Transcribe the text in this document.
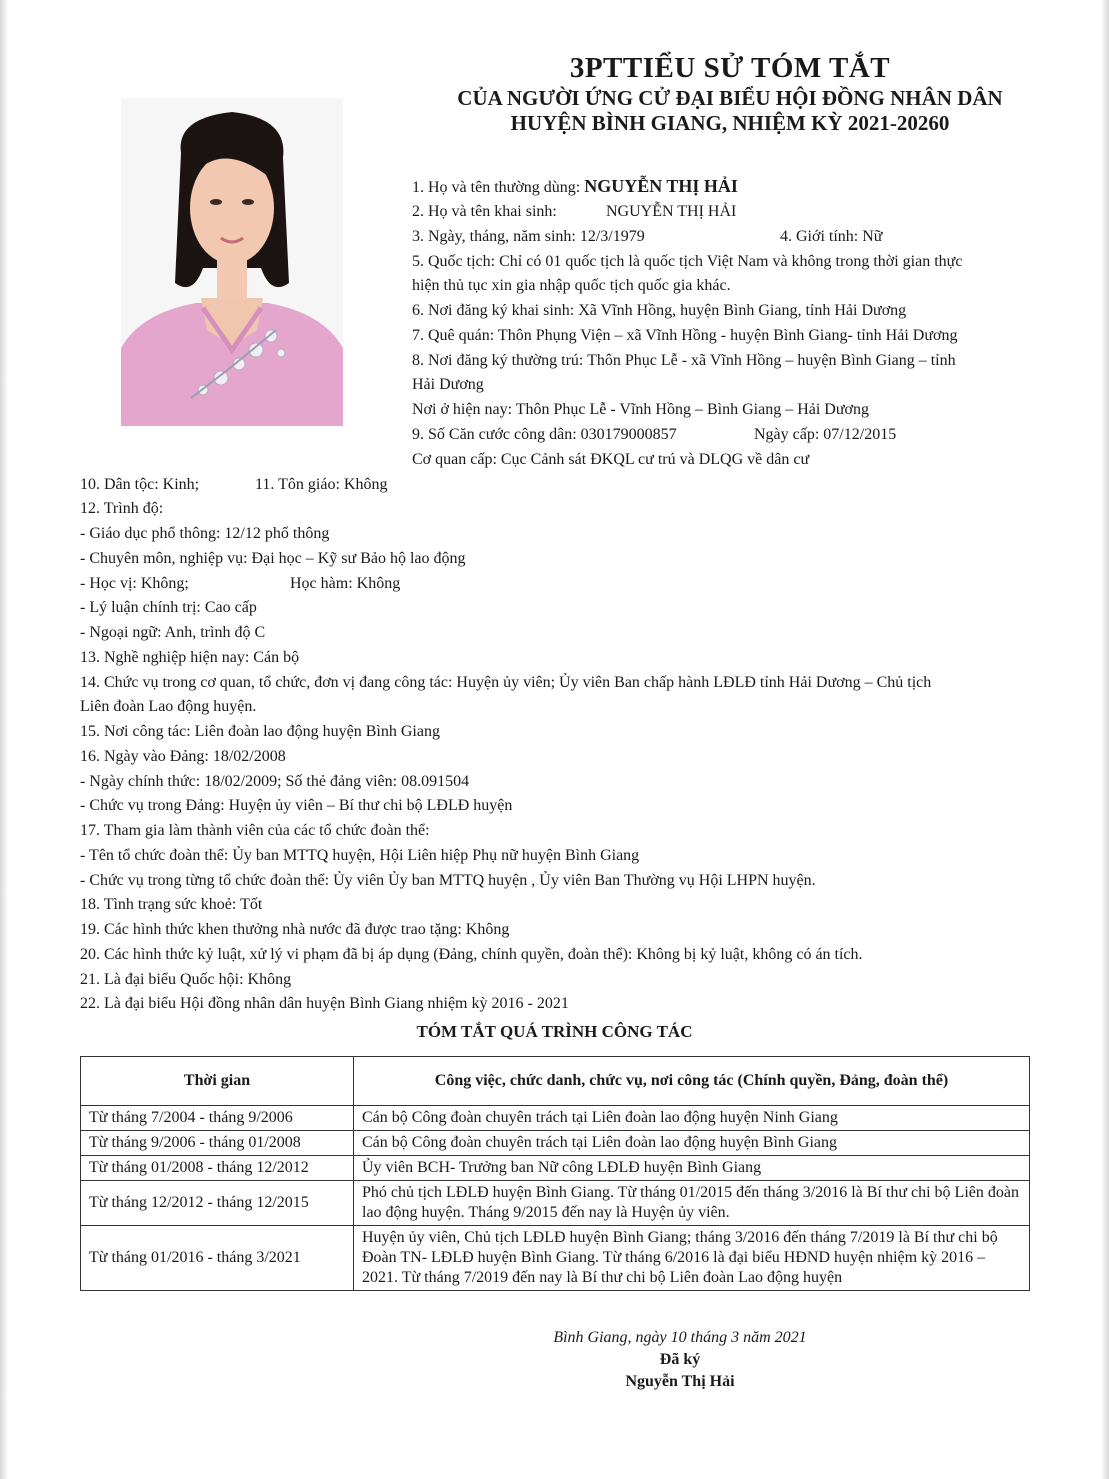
3PTTIỂU SỬ TÓM TẮT
CỦA NGƯỜI ỨNG CỬ ĐẠI BIỂU HỘI ĐỒNG NHÂN DÂN
HUYỆN BÌNH GIANG, NHIỆM KỲ 2021-20260
1. Họ và tên thường dùng: NGUYỄN THỊ HẢI
2. Họ và tên khai sinh:	NGUYỄN THỊ HẢI
3. Ngày, tháng, năm sinh: 12/3/1979	4. Giới tính: Nữ
5. Quốc tịch: Chỉ có 01 quốc tịch là quốc tịch Việt Nam và không trong thời gian thực
hiện thủ tục xin gia nhập quốc tịch quốc gia khác.
6. Nơi đăng ký khai sinh: Xã Vĩnh Hồng, huyện Bình Giang, tỉnh Hải Dương
7. Quê quán: Thôn Phụng Viện – xã Vĩnh Hồng - huyện Bình Giang- tỉnh Hải Dương
8. Nơi đăng ký thường trú: Thôn Phục Lễ - xã Vĩnh Hồng – huyện Bình Giang – tỉnh
Hải Dương
Nơi ở hiện nay: Thôn Phục Lễ - Vĩnh Hồng – Bình Giang – Hải Dương
9. Số Căn cước công dân: 030179000857	Ngày cấp: 07/12/2015
Cơ quan cấp: Cục Cảnh sát ĐKQL cư trú và DLQG về dân cư
10. Dân tộc: Kinh;	11. Tôn giáo: Không
12. Trình độ:
- Giáo dục phổ thông: 12/12 phổ thông
- Chuyên môn, nghiệp vụ: Đại học – Kỹ sư Bảo hộ lao động
- Học vị: Không;	Học hàm: Không
- Lý luận chính trị: Cao cấp
- Ngoại ngữ: Anh, trình độ C
13. Nghề nghiệp hiện nay: Cán bộ
14. Chức vụ trong cơ quan, tổ chức, đơn vị đang công tác: Huyện ủy viên; Ủy viên Ban chấp hành LĐLĐ tỉnh Hải Dương – Chủ tịch
Liên đoàn Lao động huyện.
15. Nơi công tác: Liên đoàn lao động huyện Bình Giang
16. Ngày vào Đảng: 18/02/2008
- Ngày chính thức: 18/02/2009; Số thẻ đảng viên: 08.091504
- Chức vụ trong Đảng: Huyện ủy viên – Bí thư chi bộ LĐLĐ huyện
17. Tham gia làm thành viên của các tổ chức đoàn thể:
- Tên tổ chức đoàn thể: Ủy ban MTTQ huyện, Hội Liên hiệp Phụ nữ huyện Bình Giang
- Chức vụ trong từng tổ chức đoàn thể: Ủy viên Ủy ban MTTQ huyện , Ủy viên Ban Thường vụ Hội LHPN huyện.
18. Tình trạng sức khoẻ: Tốt
19. Các hình thức khen thưởng nhà nước đã được trao tặng: Không
20. Các hình thức kỷ luật, xử lý vi phạm đã bị áp dụng (Đảng, chính quyền, đoàn thể): Không bị kỷ luật, không có án tích.
21. Là đại biểu Quốc hội: Không
22. Là đại biểu Hội đồng nhân dân huyện Bình Giang nhiệm kỳ 2016 - 2021
TÓM TẮT QUÁ TRÌNH CÔNG TÁC
Thời gian	Công việc, chức danh, chức vụ, nơi công tác (Chính quyền, Đảng, đoàn thể)
Từ tháng 7/2004 - tháng 9/2006	Cán bộ Công đoàn chuyên trách tại Liên đoàn lao động huyện Ninh Giang
Từ tháng 9/2006 - tháng 01/2008	Cán bộ Công đoàn chuyên trách tại Liên đoàn lao động huyện Bình Giang
Từ tháng 01/2008 - tháng 12/2012	Ủy viên BCH- Trưởng ban Nữ công LĐLĐ huyện Bình Giang
Từ tháng 12/2012 - tháng 12/2015	Phó chủ tịch LĐLĐ huyện Bình Giang. Từ tháng 01/2015 đến tháng 3/2016 là Bí thư chi bộ Liên đoàn lao động huyện. Tháng 9/2015 đến nay là Huyện ủy viên.
Từ tháng 01/2016 - tháng 3/2021	Huyện ủy viên, Chủ tịch LĐLĐ huyện Bình Giang; tháng 3/2016 đến tháng 7/2019 là Bí thư chi bộ Đoàn TN- LĐLĐ huyện Bình Giang. Từ tháng 6/2016 là đại biểu HĐND huyện nhiệm kỳ 2016 – 2021. Từ tháng 7/2019 đến nay là Bí thư chi bộ Liên đoàn Lao động huyện
Bình Giang, ngày 10 tháng 3 năm 2021
Đã ký
Nguyễn Thị Hải
